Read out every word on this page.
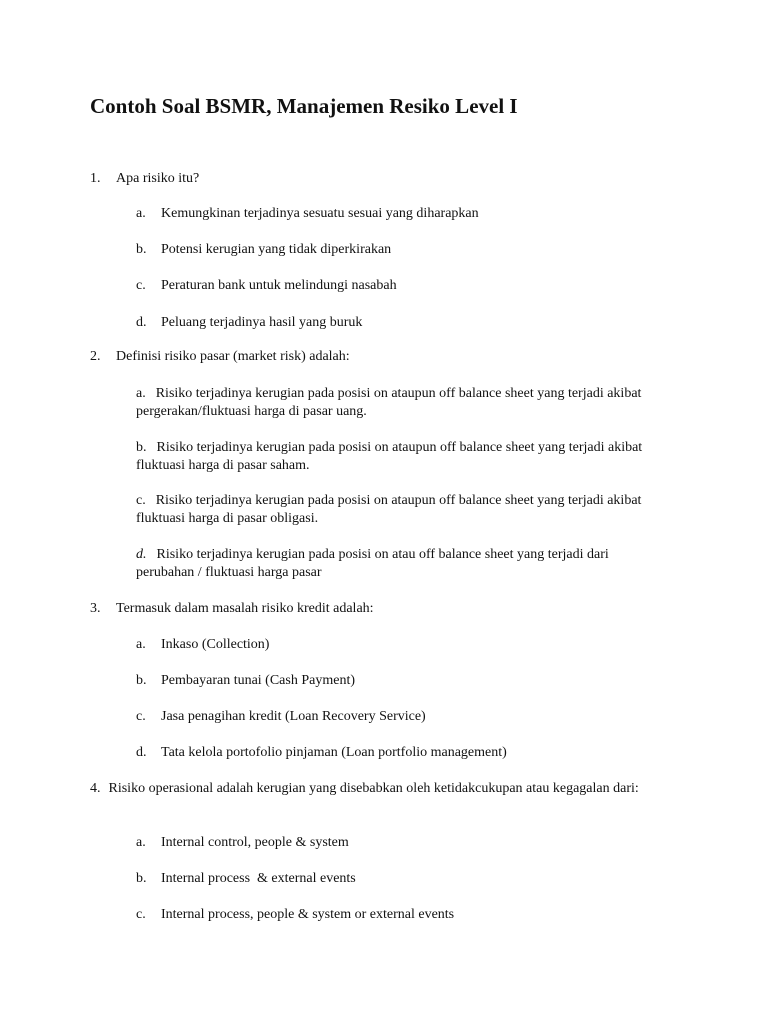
Contoh Soal BSMR, Manajemen Resiko Level I
1. Apa risiko itu?
a. Kemungkinan terjadinya sesuatu sesuai yang diharapkan
b. Potensi kerugian yang tidak diperkirakan
c. Peraturan bank untuk melindungi nasabah
d. Peluang terjadinya hasil yang buruk
2. Definisi risiko pasar (market risk) adalah:
a. Risiko terjadinya kerugian pada posisi on ataupun off balance sheet yang terjadi akibat pergerakan/fluktuasi harga di pasar uang.
b. Risiko terjadinya kerugian pada posisi on ataupun off balance sheet yang terjadi akibat fluktuasi harga di pasar saham.
c. Risiko terjadinya kerugian pada posisi on ataupun off balance sheet yang terjadi akibat fluktuasi harga di pasar obligasi.
d. Risiko terjadinya kerugian pada posisi on atau off balance sheet yang terjadi dari perubahan / fluktuasi harga pasar
3. Termasuk dalam masalah risiko kredit adalah:
a. Inkaso (Collection)
b. Pembayaran tunai (Cash Payment)
c. Jasa penagihan kredit (Loan Recovery Service)
d. Tata kelola portofolio pinjaman (Loan portfolio management)
4. Risiko operasional adalah kerugian yang disebabkan oleh ketidakcukupan atau kegagalan dari:
a. Internal control, people & system
b. Internal process  & external events
c. Internal process, people & system or external events
